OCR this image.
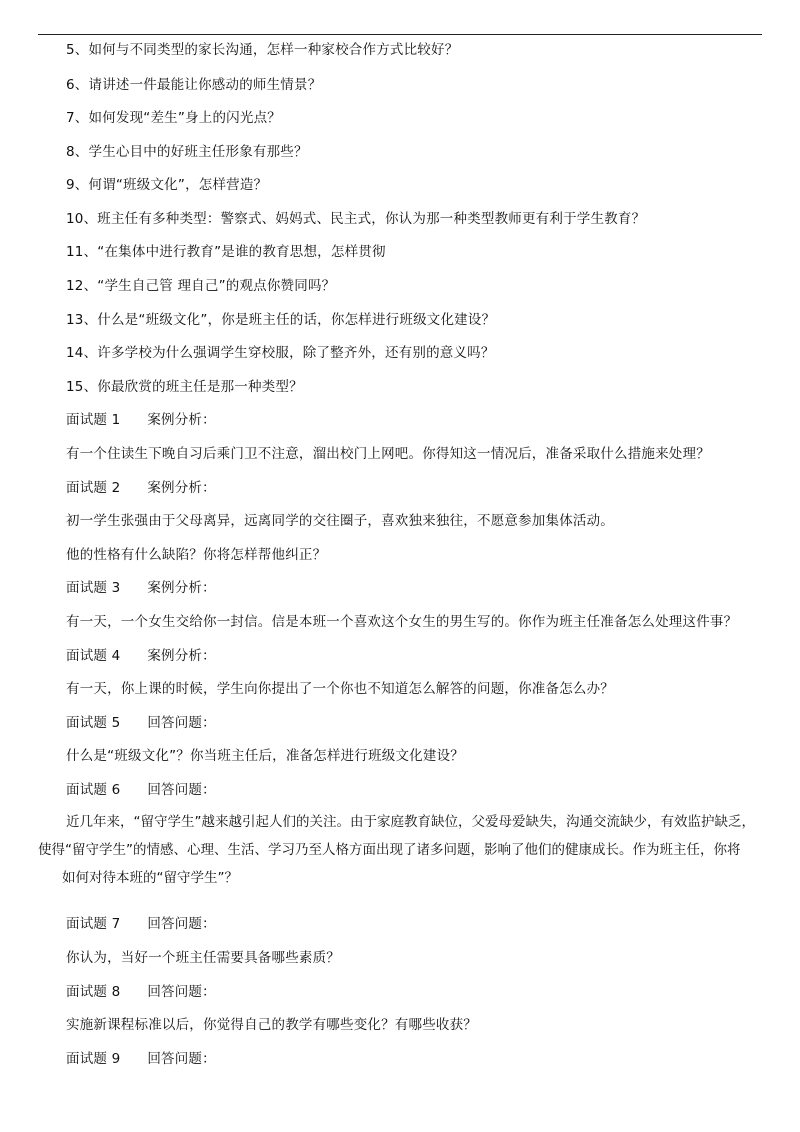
5、如何与不同类型的家长沟通，怎样一种家校合作方式比较好？
6、请讲述一件最能让你感动的师生情景？
7、如何发现“差生”身上的闪光点？
8、学生心目中的好班主任形象有那些？
9、何谓“班级文化”，怎样营造？
10、班主任有多种类型：警察式、妈妈式、民主式，你认为那一种类型教师更有利于学生教育？
11、“在集体中进行教育”是谁的教育思想，怎样贯彻
12、“学生自己管 理自己”的观点你赞同吗？
13、什么是“班级文化”，你是班主任的话，你怎样进行班级文化建设？
14、许多学校为什么强调学生穿校服，除了整齐外，还有别的意义吗？
15、你最欣赏的班主任是那一种类型？
面试题 1      案例分析：
有一个住读生下晚自习后乘门卫不注意，溜出校门上网吧。你得知这一情况后，准备采取什么措施来处理？
面试题 2      案例分析：
初一学生张强由于父母离异，远离同学的交往圈子，喜欢独来独往，不愿意参加集体活动。
他的性格有什么缺陷？你将怎样帮他纠正？
面试题 3      案例分析：
有一天，一个女生交给你一封信。信是本班一个喜欢这个女生的男生写的。你作为班主任准备怎么处理这件事？
面试题 4      案例分析：
有一天，你上课的时候，学生向你提出了一个你也不知道怎么解答的问题，你准备怎么办？
面试题 5      回答问题：
什么是“班级文化”？你当班主任后，准备怎样进行班级文化建设？
面试题 6      回答问题：
近几年来，“留守学生”越来越引起人们的关注。由于家庭教育缺位，父爱母爱缺失，沟通交流缺少，有效监护缺乏，
使得“留守学生”的情感、心理、生活、学习乃至人格方面出现了诸多问题，影响了他们的健康成长。作为班主任，你将
如何对待本班的“留守学生”？
面试题 7      回答问题：
你认为，当好一个班主任需要具备哪些素质？
面试题 8      回答问题：
实施新课程标准以后，你觉得自己的教学有哪些变化？有哪些收获？
面试题 9      回答问题：
